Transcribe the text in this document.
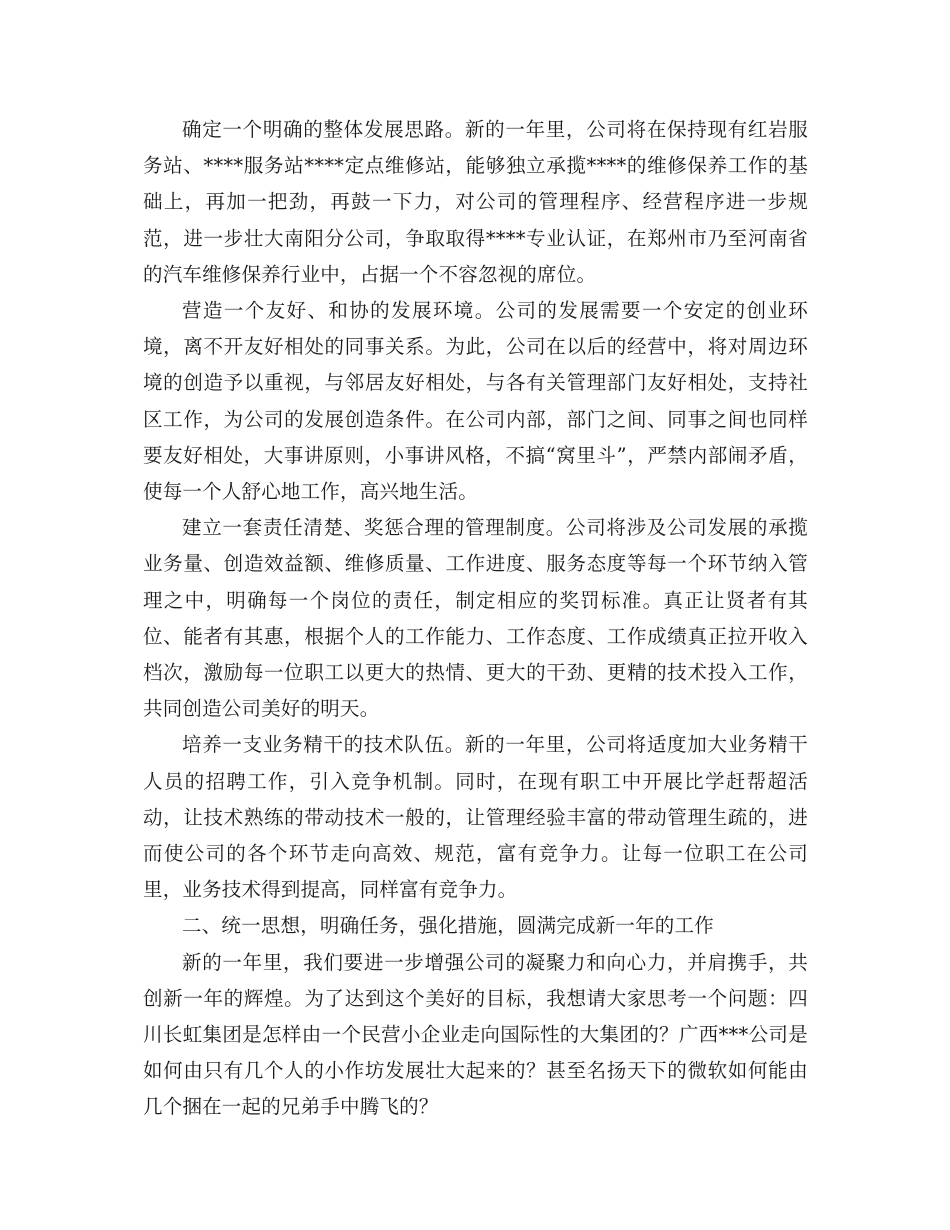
确定一个明确的整体发展思路。新的一年里，公司将在保持现有红岩服务站、****服务站****定点维修站，能够独立承揽****的维修保养工作的基础上，再加一把劲，再鼓一下力，对公司的管理程序、经营程序进一步规范，进一步壮大南阳分公司，争取取得****专业认证，在郑州市乃至河南省的汽车维修保养行业中，占据一个不容忽视的席位。

营造一个友好、和协的发展环境。公司的发展需要一个安定的创业环境，离不开友好相处的同事关系。为此，公司在以后的经营中，将对周边环境的创造予以重视，与邻居友好相处，与各有关管理部门友好相处，支持社区工作，为公司的发展创造条件。在公司内部，部门之间、同事之间也同样要友好相处，大事讲原则，小事讲风格，不搞“窝里斗”，严禁内部闹矛盾，使每一个人舒心地工作，高兴地生活。

建立一套责任清楚、奖惩合理的管理制度。公司将涉及公司发展的承揽业务量、创造效益额、维修质量、工作进度、服务态度等每一个环节纳入管理之中，明确每一个岗位的责任，制定相应的奖罚标准。真正让贤者有其位、能者有其惠，根据个人的工作能力、工作态度、工作成绩真正拉开收入档次，激励每一位职工以更大的热情、更大的干劲、更精的技术投入工作，共同创造公司美好的明天。

培养一支业务精干的技术队伍。新的一年里，公司将适度加大业务精干人员的招聘工作，引入竞争机制。同时，在现有职工中开展比学赶帮超活动，让技术熟练的带动技术一般的，让管理经验丰富的带动管理生疏的，进而使公司的各个环节走向高效、规范，富有竞争力。让每一位职工在公司里，业务技术得到提高，同样富有竞争力。

二、统一思想，明确任务，强化措施，圆满完成新一年的工作

新的一年里，我们要进一步增强公司的凝聚力和向心力，并肩携手，共创新一年的辉煌。为了达到这个美好的目标，我想请大家思考一个问题：四川长虹集团是怎样由一个民营小企业走向国际性的大集团的？广西***公司是如何由只有几个人的小作坊发展壮大起来的？甚至名扬天下的微软如何能由几个捆在一起的兄弟手中腾飞的？
